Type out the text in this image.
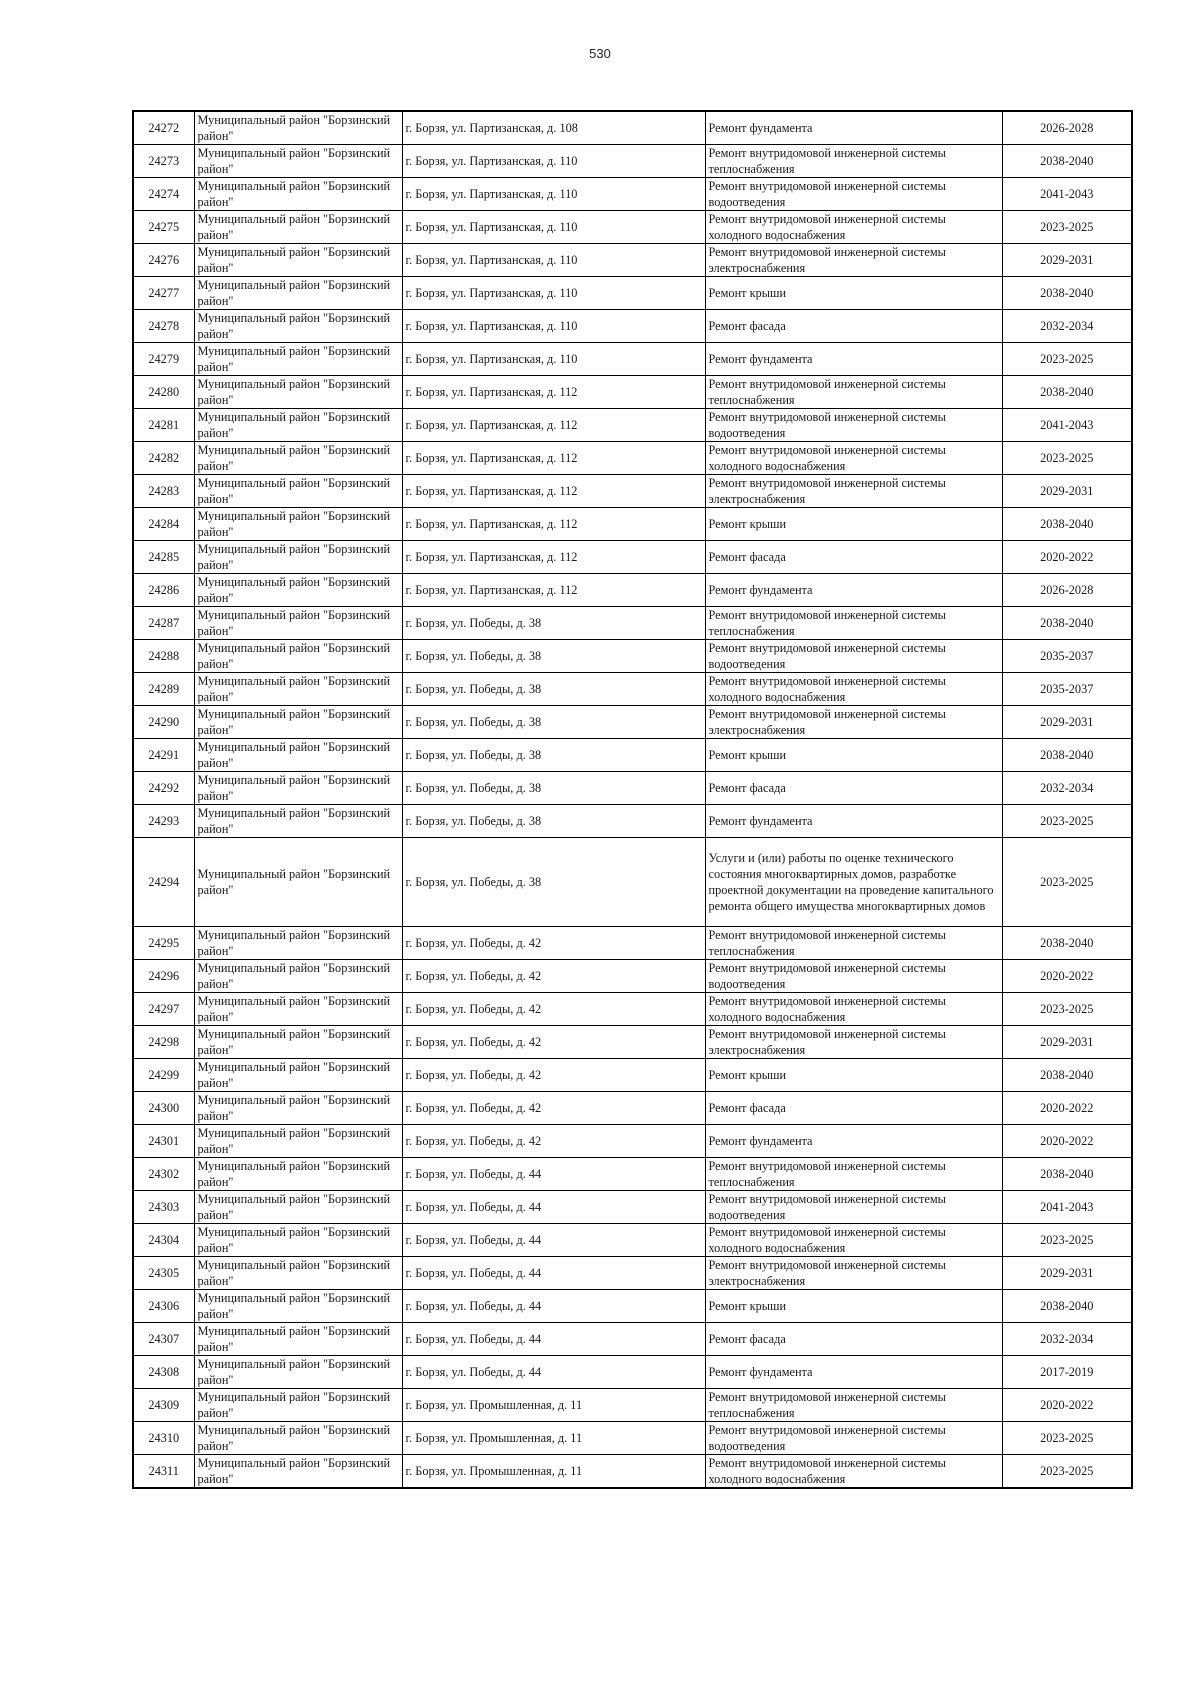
530
24272	Муниципальный район "Борзинский район"	г. Борзя, ул. Партизанская, д. 108	Ремонт фундамента	2026-2028
24273	Муниципальный район "Борзинский район"	г. Борзя, ул. Партизанская, д. 110	Ремонт внутридомовой инженерной системы теплоснабжения	2038-2040
24274	Муниципальный район "Борзинский район"	г. Борзя, ул. Партизанская, д. 110	Ремонт внутридомовой инженерной системы водоотведения	2041-2043
24275	Муниципальный район "Борзинский район"	г. Борзя, ул. Партизанская, д. 110	Ремонт внутридомовой инженерной системы холодного водоснабжения	2023-2025
24276	Муниципальный район "Борзинский район"	г. Борзя, ул. Партизанская, д. 110	Ремонт внутридомовой инженерной системы электроснабжения	2029-2031
24277	Муниципальный район "Борзинский район"	г. Борзя, ул. Партизанская, д. 110	Ремонт крыши	2038-2040
24278	Муниципальный район "Борзинский район"	г. Борзя, ул. Партизанская, д. 110	Ремонт фасада	2032-2034
24279	Муниципальный район "Борзинский район"	г. Борзя, ул. Партизанская, д. 110	Ремонт фундамента	2023-2025
24280	Муниципальный район "Борзинский район"	г. Борзя, ул. Партизанская, д. 112	Ремонт внутридомовой инженерной системы теплоснабжения	2038-2040
24281	Муниципальный район "Борзинский район"	г. Борзя, ул. Партизанская, д. 112	Ремонт внутридомовой инженерной системы водоотведения	2041-2043
24282	Муниципальный район "Борзинский район"	г. Борзя, ул. Партизанская, д. 112	Ремонт внутридомовой инженерной системы холодного водоснабжения	2023-2025
24283	Муниципальный район "Борзинский район"	г. Борзя, ул. Партизанская, д. 112	Ремонт внутридомовой инженерной системы электроснабжения	2029-2031
24284	Муниципальный район "Борзинский район"	г. Борзя, ул. Партизанская, д. 112	Ремонт крыши	2038-2040
24285	Муниципальный район "Борзинский район"	г. Борзя, ул. Партизанская, д. 112	Ремонт фасада	2020-2022
24286	Муниципальный район "Борзинский район"	г. Борзя, ул. Партизанская, д. 112	Ремонт фундамента	2026-2028
24287	Муниципальный район "Борзинский район"	г. Борзя, ул. Победы, д. 38	Ремонт внутридомовой инженерной системы теплоснабжения	2038-2040
24288	Муниципальный район "Борзинский район"	г. Борзя, ул. Победы, д. 38	Ремонт внутридомовой инженерной системы водоотведения	2035-2037
24289	Муниципальный район "Борзинский район"	г. Борзя, ул. Победы, д. 38	Ремонт внутридомовой инженерной системы холодного водоснабжения	2035-2037
24290	Муниципальный район "Борзинский район"	г. Борзя, ул. Победы, д. 38	Ремонт внутридомовой инженерной системы электроснабжения	2029-2031
24291	Муниципальный район "Борзинский район"	г. Борзя, ул. Победы, д. 38	Ремонт крыши	2038-2040
24292	Муниципальный район "Борзинский район"	г. Борзя, ул. Победы, д. 38	Ремонт фасада	2032-2034
24293	Муниципальный район "Борзинский район"	г. Борзя, ул. Победы, д. 38	Ремонт фундамента	2023-2025
24294	Муниципальный район "Борзинский район"	г. Борзя, ул. Победы, д. 38	Услуги и (или) работы по оценке технического состояния многоквартирных домов, разработке проектной документации на проведение капитального ремонта общего имущества многоквартирных домов	2023-2025
24295	Муниципальный район "Борзинский район"	г. Борзя, ул. Победы, д. 42	Ремонт внутридомовой инженерной системы теплоснабжения	2038-2040
24296	Муниципальный район "Борзинский район"	г. Борзя, ул. Победы, д. 42	Ремонт внутридомовой инженерной системы водоотведения	2020-2022
24297	Муниципальный район "Борзинский район"	г. Борзя, ул. Победы, д. 42	Ремонт внутридомовой инженерной системы холодного водоснабжения	2023-2025
24298	Муниципальный район "Борзинский район"	г. Борзя, ул. Победы, д. 42	Ремонт внутридомовой инженерной системы электроснабжения	2029-2031
24299	Муниципальный район "Борзинский район"	г. Борзя, ул. Победы, д. 42	Ремонт крыши	2038-2040
24300	Муниципальный район "Борзинский район"	г. Борзя, ул. Победы, д. 42	Ремонт фасада	2020-2022
24301	Муниципальный район "Борзинский район"	г. Борзя, ул. Победы, д. 42	Ремонт фундамента	2020-2022
24302	Муниципальный район "Борзинский район"	г. Борзя, ул. Победы, д. 44	Ремонт внутридомовой инженерной системы теплоснабжения	2038-2040
24303	Муниципальный район "Борзинский район"	г. Борзя, ул. Победы, д. 44	Ремонт внутридомовой инженерной системы водоотведения	2041-2043
24304	Муниципальный район "Борзинский район"	г. Борзя, ул. Победы, д. 44	Ремонт внутридомовой инженерной системы холодного водоснабжения	2023-2025
24305	Муниципальный район "Борзинский район"	г. Борзя, ул. Победы, д. 44	Ремонт внутридомовой инженерной системы электроснабжения	2029-2031
24306	Муниципальный район "Борзинский район"	г. Борзя, ул. Победы, д. 44	Ремонт крыши	2038-2040
24307	Муниципальный район "Борзинский район"	г. Борзя, ул. Победы, д. 44	Ремонт фасада	2032-2034
24308	Муниципальный район "Борзинский район"	г. Борзя, ул. Победы, д. 44	Ремонт фундамента	2017-2019
24309	Муниципальный район "Борзинский район"	г. Борзя, ул. Промышленная, д. 11	Ремонт внутридомовой инженерной системы теплоснабжения	2020-2022
24310	Муниципальный район "Борзинский район"	г. Борзя, ул. Промышленная, д. 11	Ремонт внутридомовой инженерной системы водоотведения	2023-2025
24311	Муниципальный район "Борзинский район"	г. Борзя, ул. Промышленная, д. 11	Ремонт внутридомовой инженерной системы холодного водоснабжения	2023-2025
